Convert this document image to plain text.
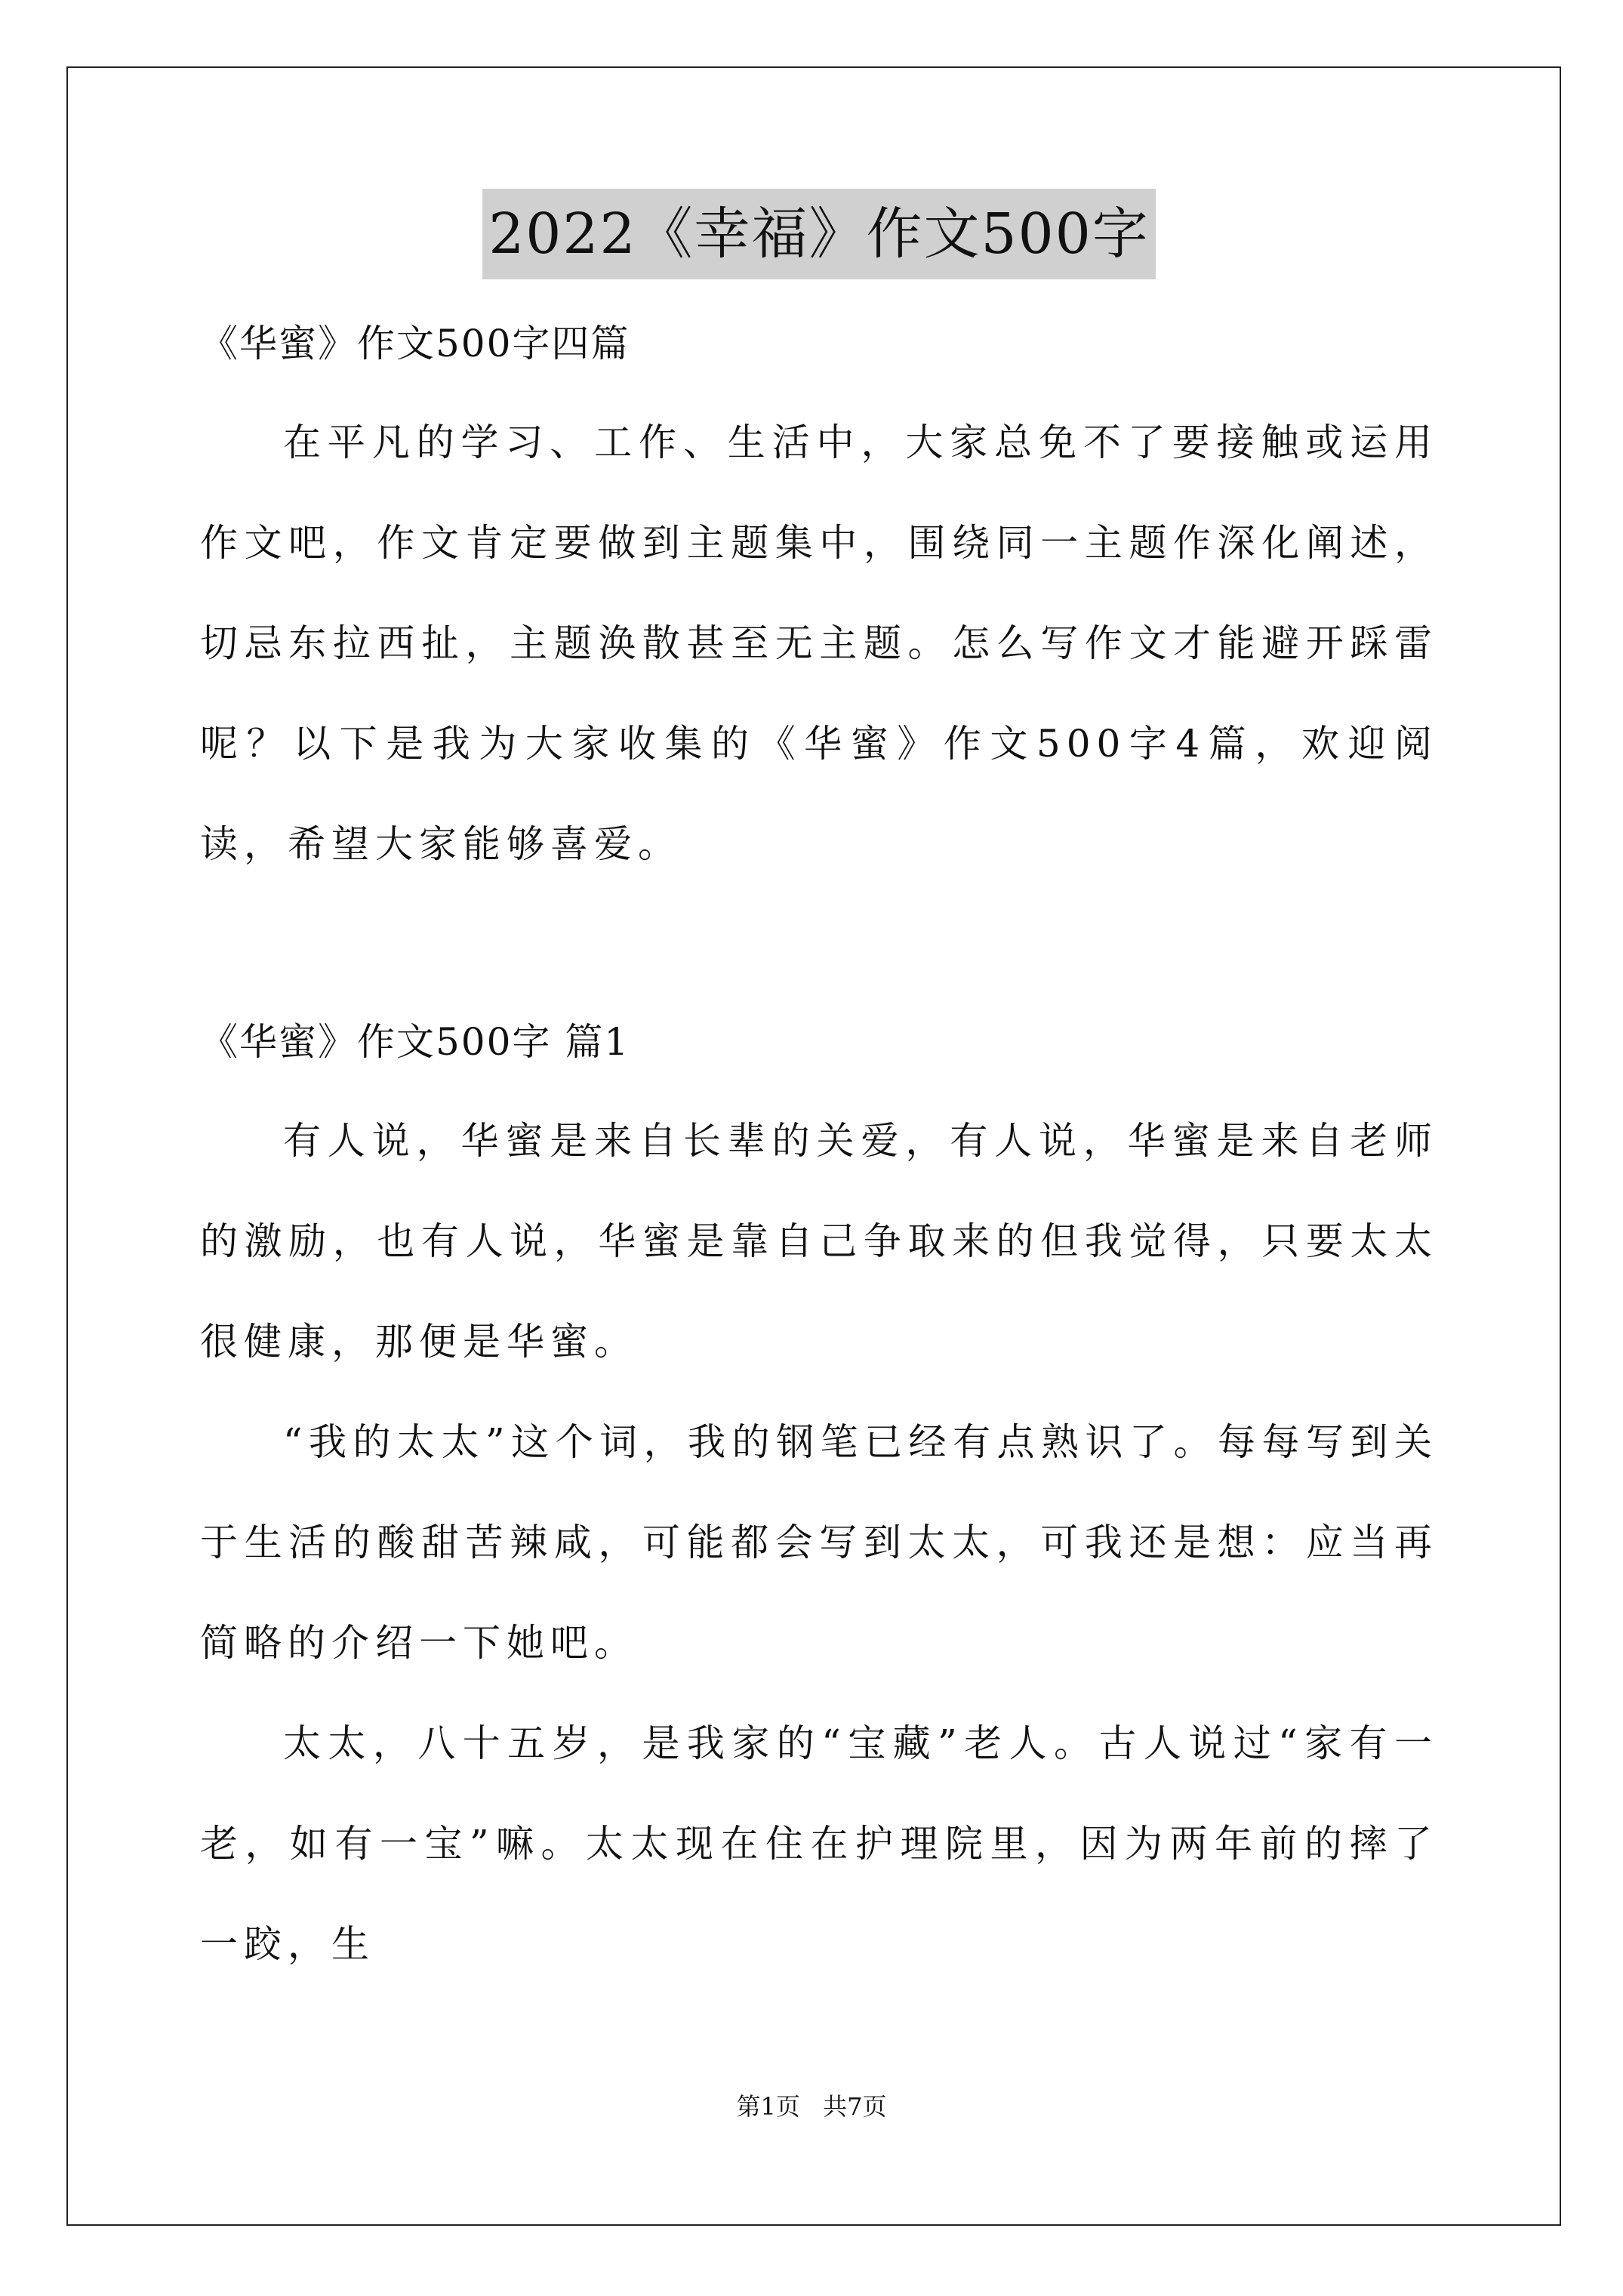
2022《幸福》作文500字

《华蜜》作文500字四篇

在平凡的学习、工作、生活中，大家总免不了要接触或运用作文吧，作文肯定要做到主题集中，围绕同一主题作深化阐述，切忌东拉西扯，主题涣散甚至无主题。怎么写作文才能避开踩雷呢？以下是我为大家收集的《华蜜》作文500字4篇，欢迎阅读，希望大家能够喜爱。

《华蜜》作文500字 篇1

有人说，华蜜是来自长辈的关爱，有人说，华蜜是来自老师的激励，也有人说，华蜜是靠自己争取来的但我觉得，只要太太很健康，那便是华蜜。

“我的太太”这个词，我的钢笔已经有点熟识了。每每写到关于生活的酸甜苦辣咸，可能都会写到太太，可我还是想：应当再简略的介绍一下她吧。

太太，八十五岁，是我家的“宝藏”老人。古人说过“家有一老，如有一宝”嘛。太太现在住在护理院里，因为两年前的摔了一跤，生

第1页 共7页
